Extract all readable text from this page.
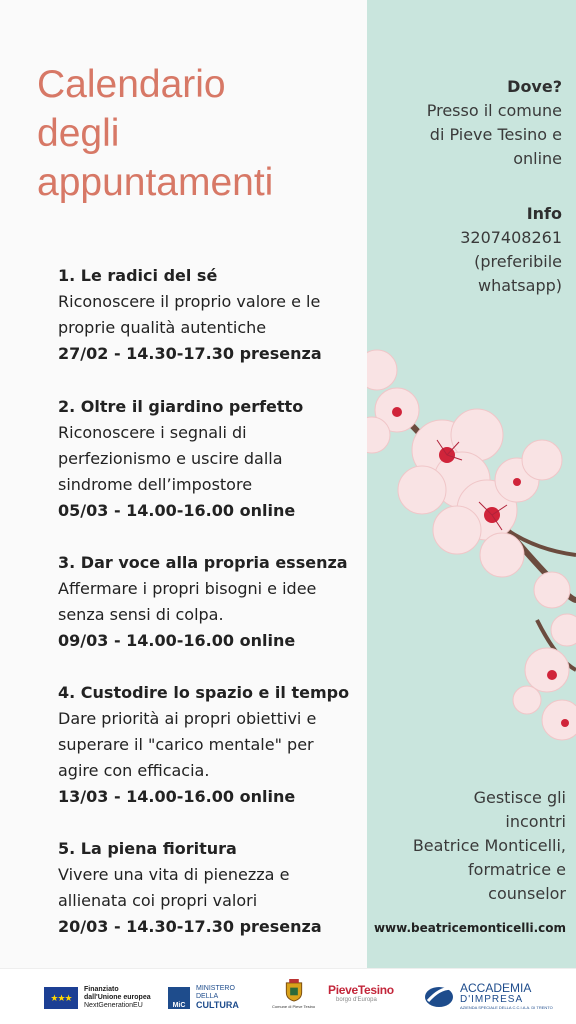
Calendario
degli
appuntamenti
1. Le radici del sé
Riconoscere il proprio valore e le
proprie qualità autentiche
27/02 - 14.30-17.30 presenza
2. Oltre il giardino perfetto
Riconoscere i segnali di
perfezionismo e uscire dalla
sindrome dell’impostore
05/03 - 14.00-16.00 online
3. Dar voce alla propria essenza
Affermare i propri bisogni e idee
senza sensi di colpa.
09/03 - 14.00-16.00 online
4. Custodire lo spazio e il tempo
Dare priorità ai propri obiettivi e
superare il "carico mentale" per
agire con efficacia.
13/03 - 14.00-16.00 online
5. La piena fioritura
Vivere una vita di pienezza e
allienata coi propri valori
20/03 - 14.30-17.30 presenza
Dove?
Presso il comune
di Pieve Tesino e
online
Info
3207408261
(preferibile
whatsapp)
Gestisce gli
incontri
Beatrice Monticelli,
formatrice e
counselor
www.beatricemonticelli.com
★★★
Finanziato
dall'Unione europea
NextGenerationEU	MiC
MINISTERO
DELLA
CULTURA	Comune di Pieve Tesino
PieveTesino
borgo d'Europa
ACCADEMIA
D'IMPRESA
AZIENDA SPECIALE DELLA C.C.I.A.A. DI TRENTO
